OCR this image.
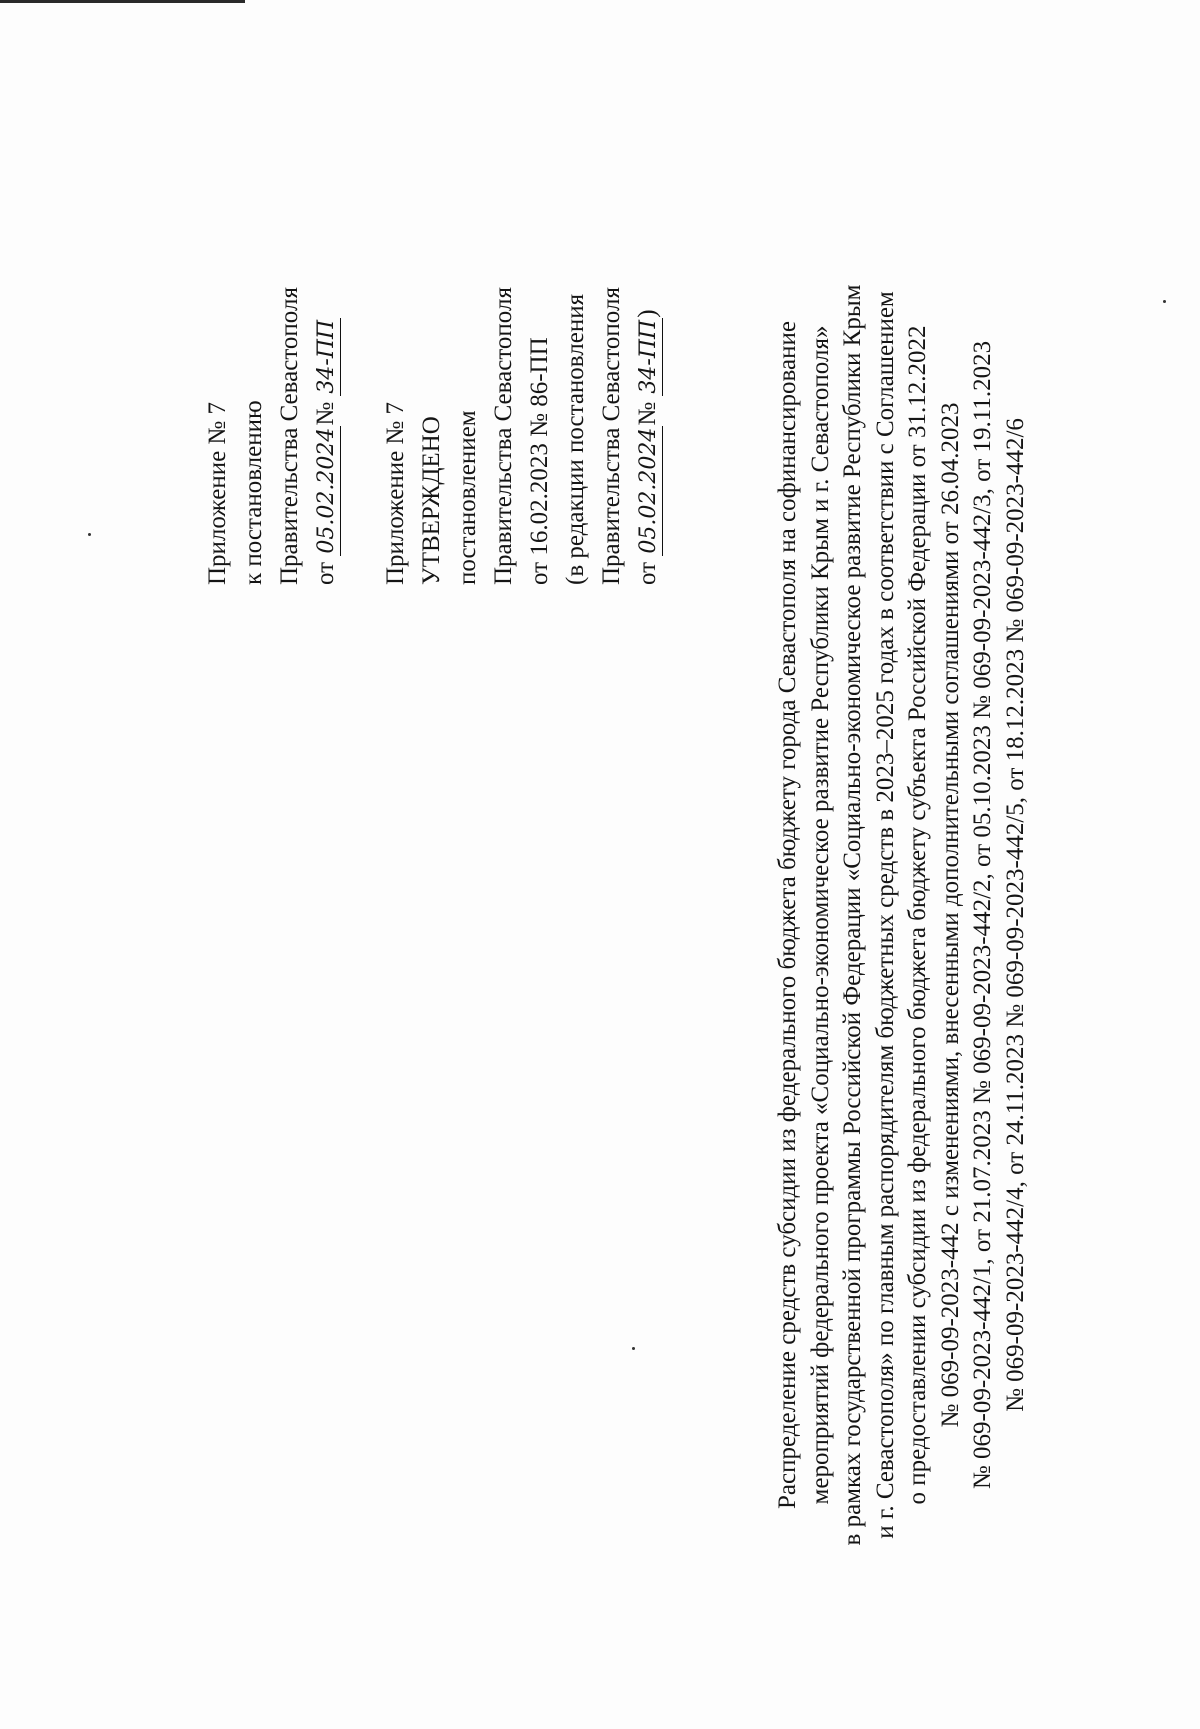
Приложение № 7 к постановлению Правительства Севастополя от 05.02.2024№ 34-ПП
Приложение № 7 УТВЕРЖДЕНО постановлением Правительства Севастополя от 16.02.2023 № 86-ПП (в редакции постановления Правительства Севастополя от 05.02.2024№ 34-ПП)

Распределение средств субсидии из федерального бюджета бюджету города Севастополя на софинансирование мероприятий федерального проекта «Социально-экономическое развитие Республики Крым и г. Севастополя» в рамках государственной программы Российской Федерации «Социально-экономическое развитие Республики Крым и г. Севастополя» по главным распорядителям бюджетных средств в 2023–2025 годах в соответствии с Соглашением о предоставлении субсидии из федерального бюджета бюджету субъекта Российской Федерации от 31.12.2022 № 069-09-2023-442 с изменениями, внесенными дополнительными соглашениями от 26.04.2023 № 069-09-2023-442/1, от 21.07.2023 № 069-09-2023-442/2, от 05.10.2023 № 069-09-2023-442/3, от 19.11.2023 № 069-09-2023-442/4, от 24.11.2023 № 069-09-2023-442/5, от 18.12.2023 № 069-09-2023-442/6
